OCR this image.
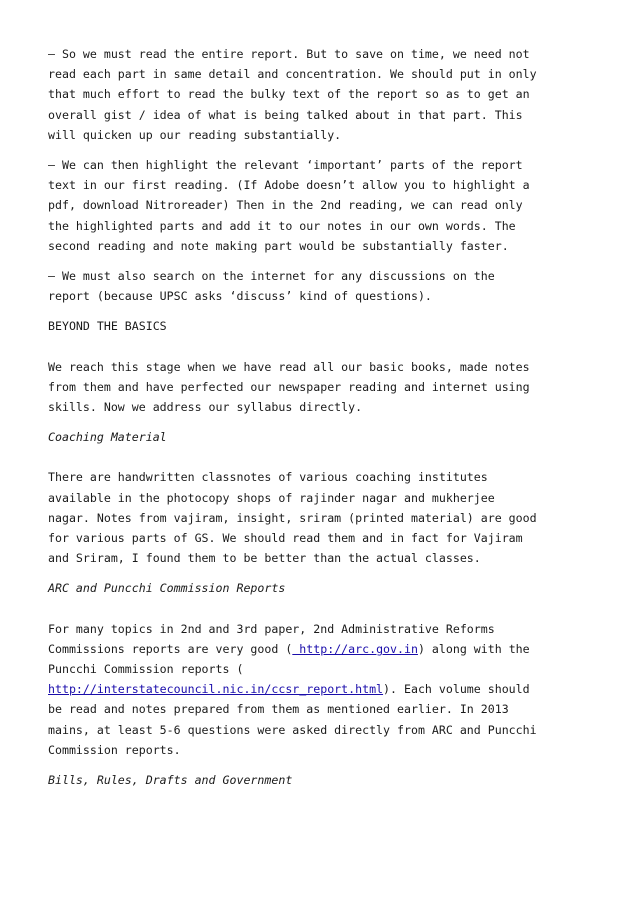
– So we must read the entire report. But to save on time, we need not
read each part in same detail and concentration. We should put in only
that much effort to read the bulky text of the report so as to get an
overall gist / idea of what is being talked about in that part. This
will quicken up our reading substantially.
– We can then highlight the relevant ‘important’ parts of the report
text in our first reading. (If Adobe doesn’t allow you to highlight a
pdf, download Nitroreader) Then in the 2nd reading, we can read only
the highlighted parts and add it to our notes in our own words. The
second reading and note making part would be substantially faster.
– We must also search on the internet for any discussions on the
report (because UPSC asks ‘discuss’ kind of questions).
BEYOND THE BASICS
We reach this stage when we have read all our basic books, made notes
from them and have perfected our newspaper reading and internet using
skills. Now we address our syllabus directly.
Coaching Material
There are handwritten classnotes of various coaching institutes
available in the photocopy shops of rajinder nagar and mukherjee
nagar. Notes from vajiram, insight, sriram (printed material) are good
for various parts of GS. We should read them and in fact for Vajiram
and Sriram, I found them to be better than the actual classes.
ARC and Puncchi Commission Reports
For many topics in 2nd and 3rd paper, 2nd Administrative Reforms
Commissions reports are very good ( http://arc.gov.in) along with the
Puncchi Commission reports (
http://interstatecouncil.nic.in/ccsr_report.html). Each volume should
be read and notes prepared from them as mentioned earlier. In 2013
mains, at least 5-6 questions were asked directly from ARC and Puncchi
Commission reports.
Bills, Rules, Drafts and Government
